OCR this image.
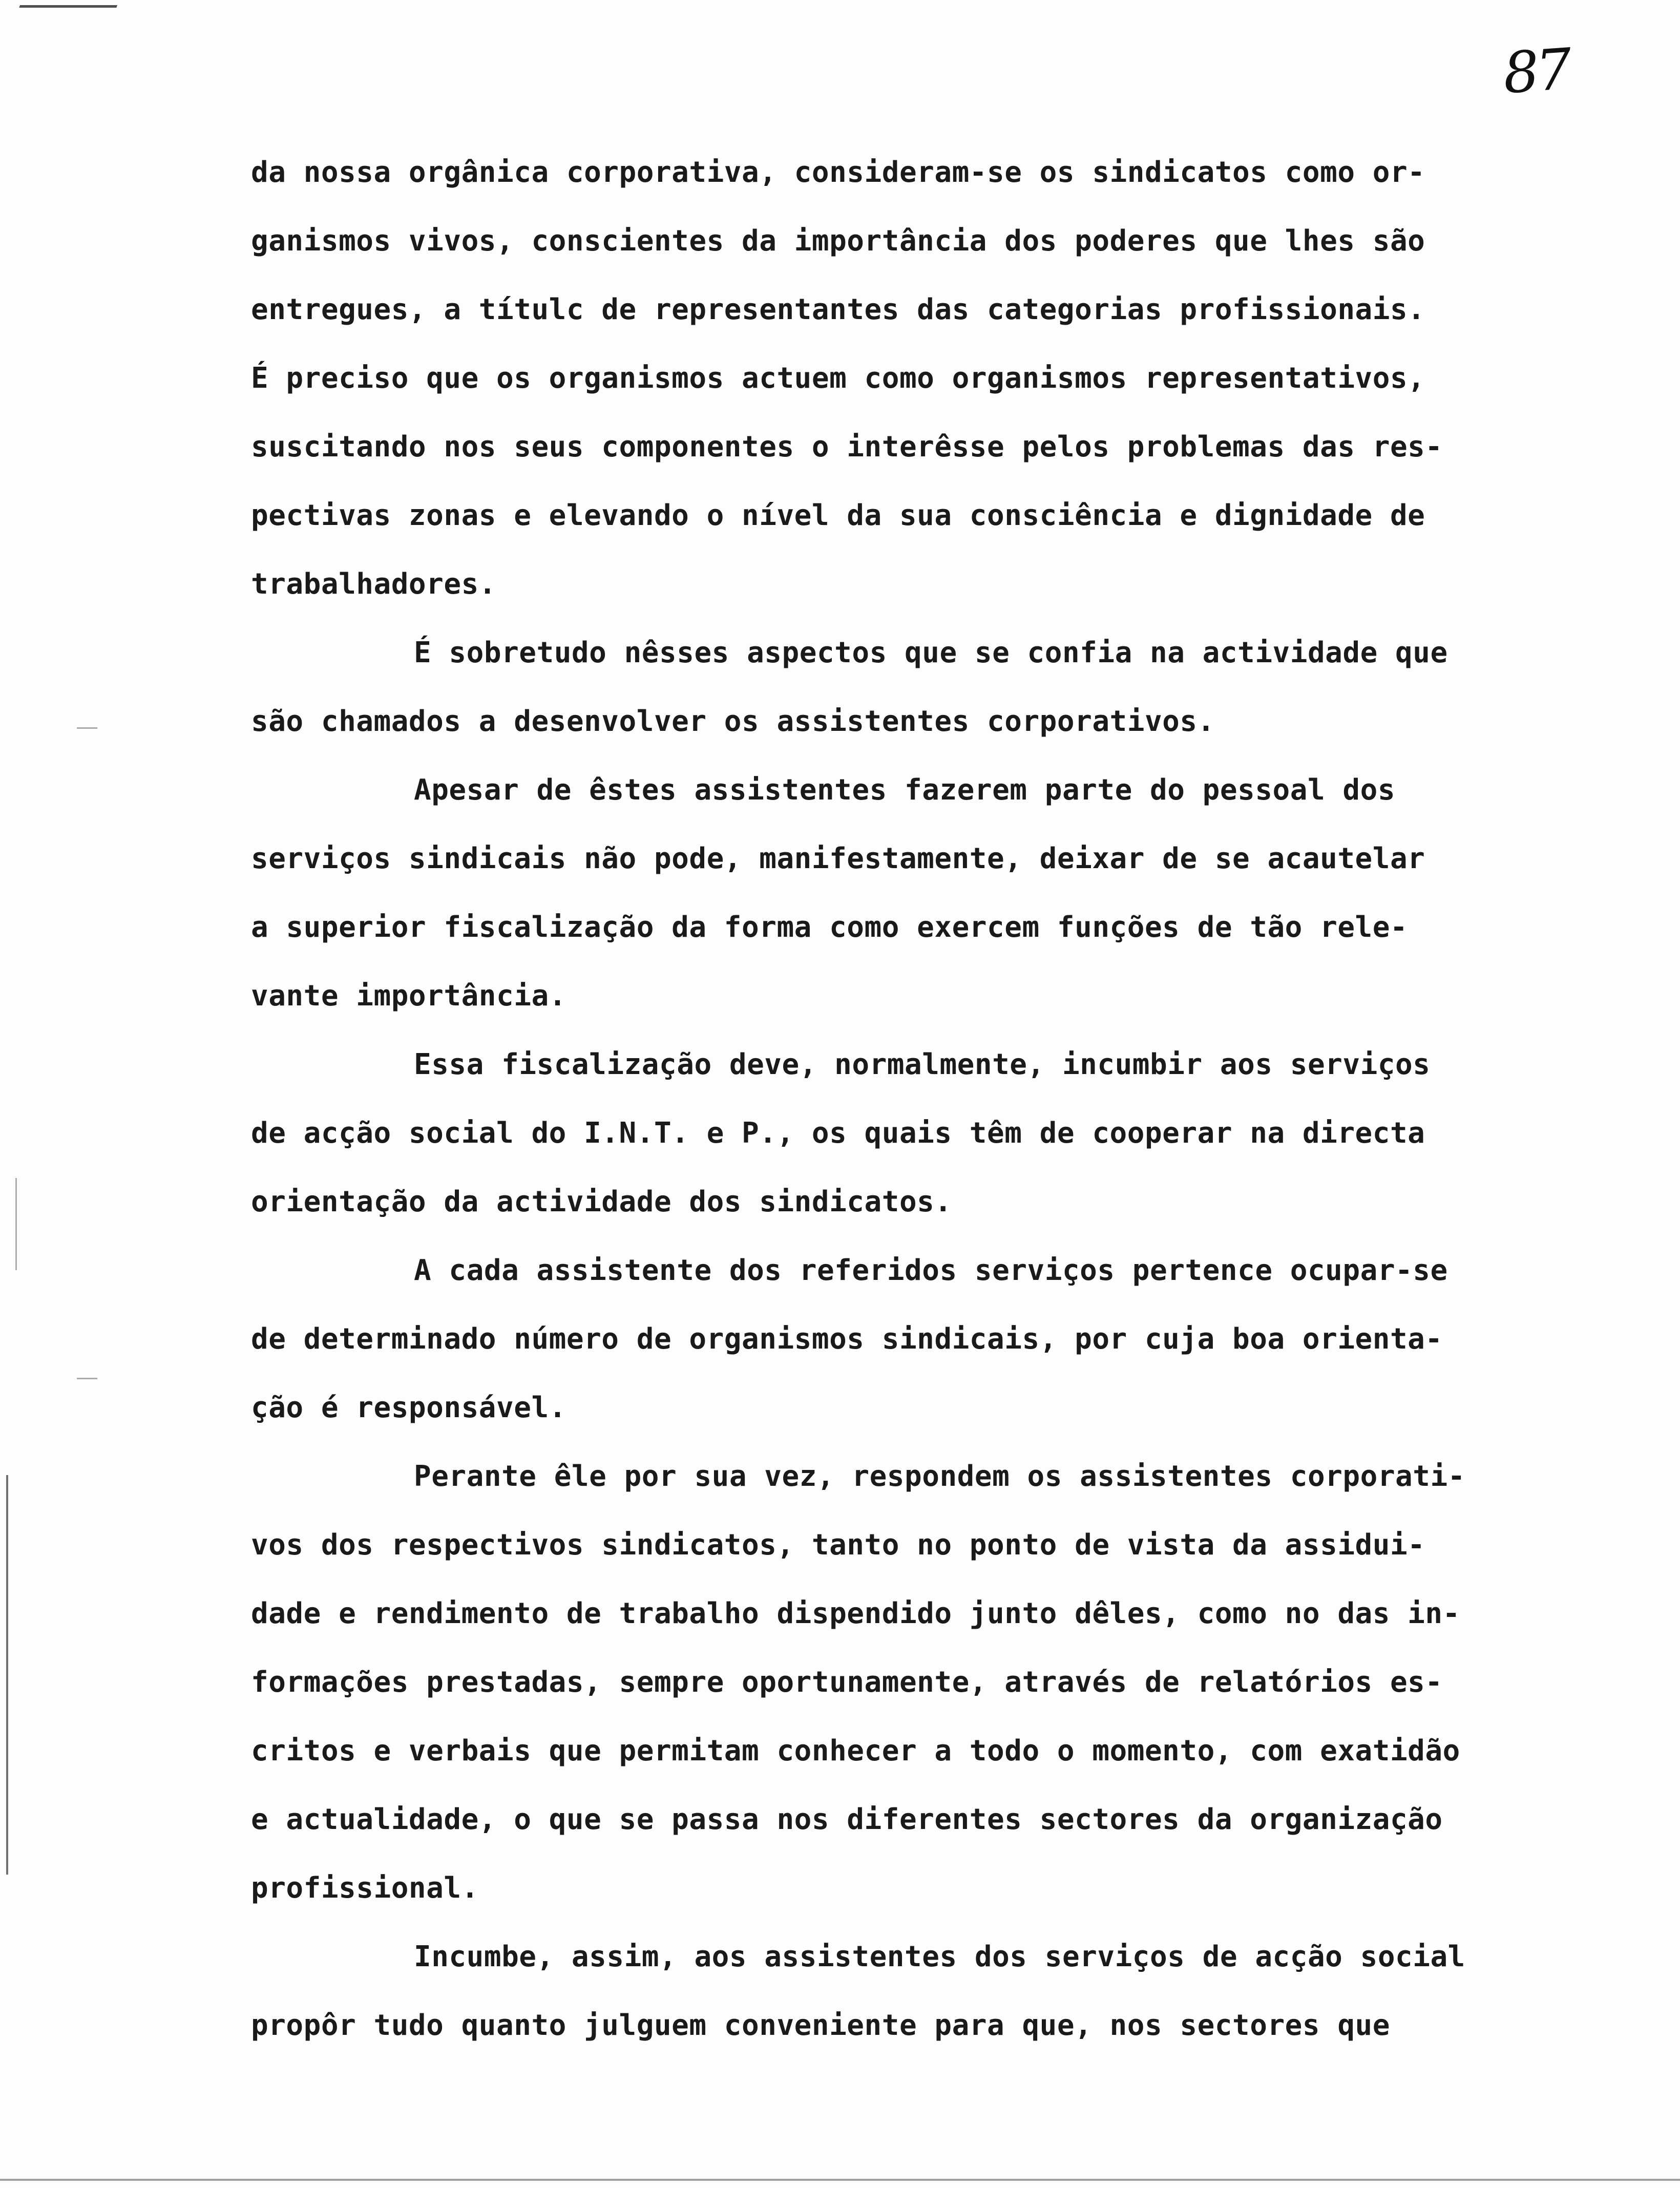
87
da nossa orgânica corporativa, consideram-se os sindicatos como or-
ganismos vivos, conscientes da importância dos poderes que lhes são
entregues, a títulc de representantes das categorias profissionais.
É preciso que os organismos actuem como organismos representativos,
suscitando nos seus componentes o interêsse pelos problemas das res-
pectivas zonas e elevando o nível da sua consciência e dignidade de
trabalhadores.
É sobretudo nêsses aspectos que se confia na actividade que
são chamados a desenvolver os assistentes corporativos.
Apesar de êstes assistentes fazerem parte do pessoal dos
serviços sindicais não pode, manifestamente, deixar de se acautelar
a superior fiscalização da forma como exercem funções de tão rele-
vante importância.
Essa fiscalização deve, normalmente, incumbir aos serviços
de acção social do I.N.T. e P., os quais têm de cooperar na directa
orientação da actividade dos sindicatos.
A cada assistente dos referidos serviços pertence ocupar-se
de determinado número de organismos sindicais, por cuja boa orienta-
ção é responsável.
Perante êle por sua vez, respondem os assistentes corporati-
vos dos respectivos sindicatos, tanto no ponto de vista da assidui-
dade e rendimento de trabalho dispendido junto dêles, como no das in-
formações prestadas, sempre oportunamente, através de relatórios es-
critos e verbais que permitam conhecer a todo o momento, com exatidão
e actualidade, o que se passa nos diferentes sectores da organização
profissional.
Incumbe, assim, aos assistentes dos serviços de acção social
propôr tudo quanto julguem conveniente para que, nos sectores que
